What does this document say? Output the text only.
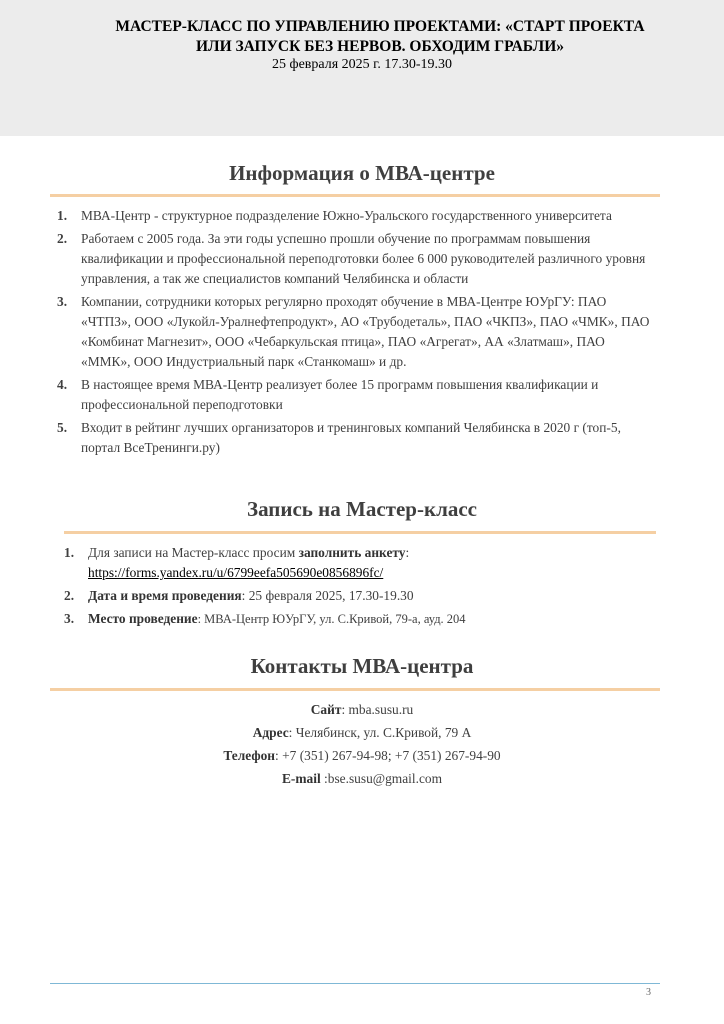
МАСТЕР-КЛАСС ПО УПРАВЛЕНИЮ ПРОЕКТАМИ: «СТАРТ ПРОЕКТА ИЛИ ЗАПУСК БЕЗ НЕРВОВ. ОБХОДИМ ГРАБЛИ»
25 февраля 2025 г. 17.30-19.30
Информация о МВА-центре
1. МВА-Центр - структурное подразделение Южно-Уральского государственного университета
2. Работаем с 2005 года. За эти годы успешно прошли обучение по программам повышения квалификации и профессиональной переподготовки более 6 000 руководителей различного уровня управления, а так же специалистов компаний Челябинска и области
3. Компании, сотрудники которых регулярно проходят обучение в МВА-Центре ЮУрГУ: ПАО «ЧТПЗ», ООО «Лукойл-Уралнефтепродукт», АО «Трубодеталь», ПАО «ЧКПЗ», ПАО «ЧМК», ПАО «Комбинат Магнезит», ООО «Чебаркульская птица», ПАО «Агрегат», АА «Златмаш», ПАО «ММК», ООО Индустриальный парк «Станкомаш» и др.
4. В настоящее время МВА-Центр реализует более 15 программ повышения квалификации и профессиональной переподготовки
5. Входит в рейтинг лучших организаторов и тренинговых компаний Челябинска в 2020 г (топ-5, портал ВсеТренинги.ру)
Запись на Мастер-класс
1. Для записи на Мастер-класс просим заполнить анкету:
https://forms.yandex.ru/u/6799eefa505690e0856896fc/
2. Дата и время проведения: 25 февраля 2025, 17.30-19.30
3. Место проведение: МВА-Центр ЮУрГУ, ул. С.Кривой, 79-а, ауд. 204
Контакты МВА-центра
Сайт: mba.susu.ru
Адрес: Челябинск, ул. С.Кривой, 79 А
Телефон: +7 (351) 267-94-98; +7 (351) 267-94-90
E-mail :bse.susu@gmail.com
3
